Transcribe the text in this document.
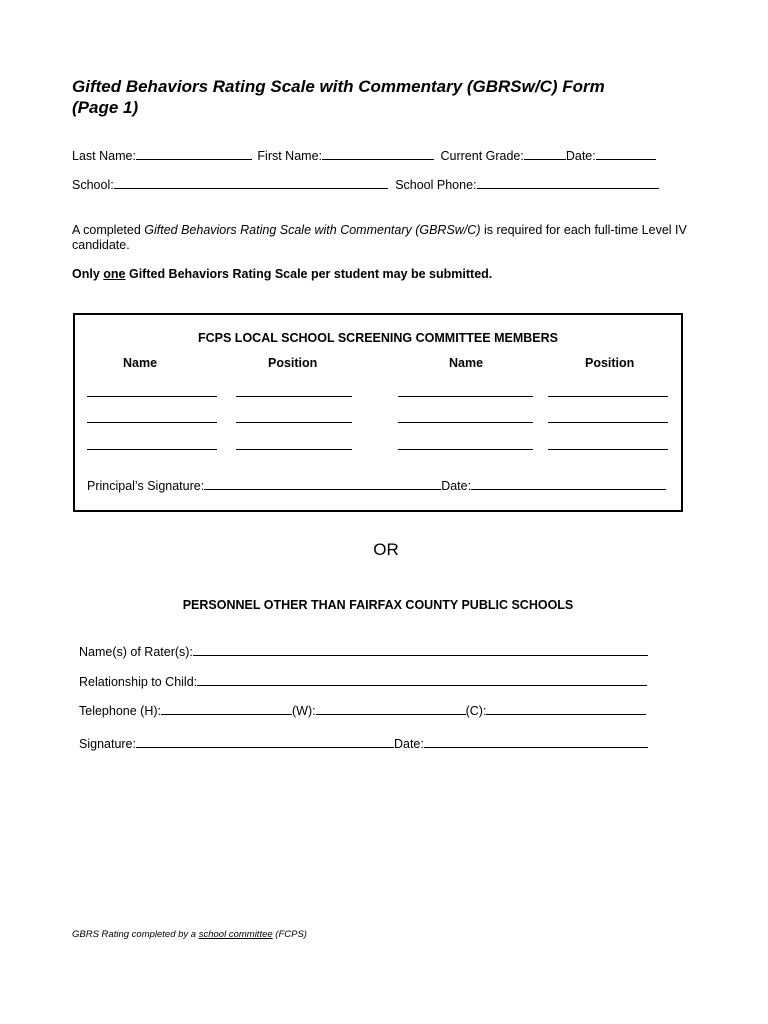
Gifted Behaviors Rating Scale with Commentary (GBRSw/C) Form
(Page 1)
Last Name:	First Name:	Current Grade:	Date:
School:	School Phone:
A completed Gifted Behaviors Rating Scale with Commentary (GBRSw/C) is required for each full-time Level IV candidate.
Only one Gifted Behaviors Rating Scale per student may be submitted.
FCPS LOCAL SCHOOL SCREENING COMMITTEE MEMBERS
Name	Position	Name	Position
Principal’s Signature:	Date:
OR
PERSONNEL OTHER THAN FAIRFAX COUNTY PUBLIC SCHOOLS
Name(s) of Rater(s):
Relationship to Child:
Telephone (H):	(W):	(C):
Signature:	Date:
GBRS Rating completed by a school committee (FCPS)
